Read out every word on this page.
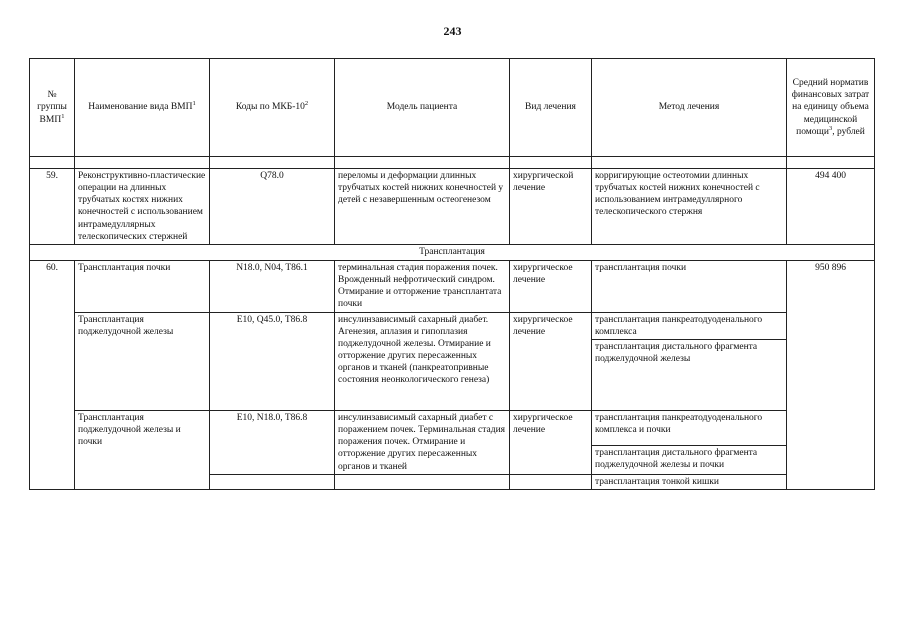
243
№ группы ВМП$^1$	Наименование вида ВМП$^1$	Коды по МКБ-$10^2$	Модель пациента	Вид лечения	Метод лечения	Средний норматив финансовых затрат на единицу объема медицинской помощи$^3$, рублей

59.	Реконструктивно-пластические операции на длинных трубчатых костях нижних конечностей с использованием интрамедуллярных телескопических стержней	Q78.0	переломы и деформации длинных трубчатых костей нижних конечностей у детей с незавершенным остеогенезом	хирургической лечение	корригирующие остеотомии длинных трубчатых костей нижних конечностей с использованием интрамедуллярного телескопического стержня	494 400
Трансплантация						
60.	Трансплантация почки	N18.0, N04, T86.1	терминальная стадия поражения почек. Врожденный нефротический синдром. Отмирание и отторжение трансплантата почки	хирургическое лечение	трансплантация почки	950 896
	Трансплантация поджелудочной железы	E10, Q45.0, T86.8	инсулинзависимый сахарный диабет. Агенезия, аплазия и гипоплазия поджелудочной железы. Отмирание и отторжение других пересаженных органов и тканей (панкреатопривные состояния неонкологического генеза)	хирургическое лечение	трансплантация панкреатодуоденального комплекса	
					трансплантация дистального фрагмента поджелудочной железы	
	Трансплантация поджелудочной железы и почки	E10, N18.0, T86.8	инсулинзависимый сахарный диабет с поражением почек. Терминальная стадия поражения почек. Отмирание и отторжение других пересаженных органов и тканей	хирургическое лечение	трансплантация панкреатодуоденального комплекса и почки	
					трансплантация дистального фрагмента поджелудочной железы и почки	
					трансплантация тонкой кишки	
